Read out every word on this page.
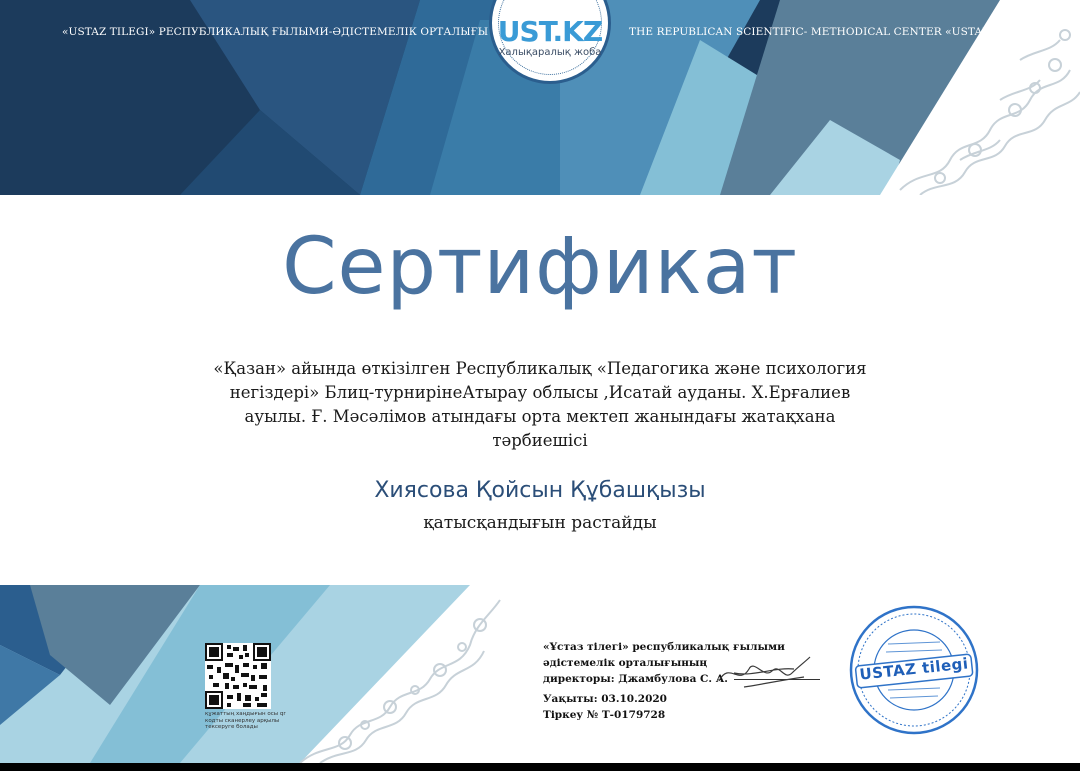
«USTAZ TILEGI» РЕСПУБЛИКАЛЫҚ ҒЫЛЫМИ-ӘДІСТЕМЕЛІК ОРТАЛЫҒЫ	THE REPUBLICAN SCIENTIFIC- METHODICAL CENTER «USTAZ TILEGI»
UST.KZ
Халықаралық жоба
Сертификат
«Қазан» айында өткізілген Республикалық «Педагогика және психология негіздері» Блиц-турнирінеАтырау облысы ,Исатай ауданы. Х.Ерғалиев ауылы. Ғ. Мәсәлімов атындағы орта мектеп жанындағы жатақхана тәрбиешісі
Хиясова Қойсын Құбашқызы
қатысқандығын растайды
құжаттың хаңдығын осы qr кодты сканерлеу арқылы тексеруге болады
«Ұстаз тілегі» республикалық ғылыми
әдістемелік орталығының
директоры: Джамбулова С. А.
Уақыты: 03.10.2020
Тіркеу № Т-0179728
USTAZ tilegi
